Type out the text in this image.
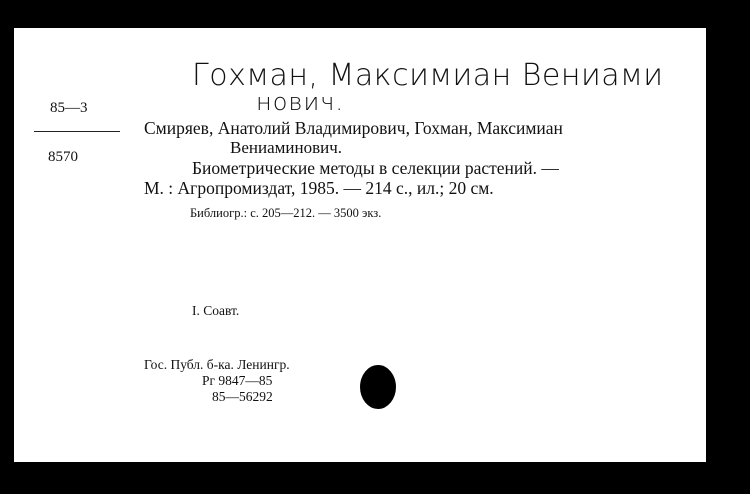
Гохман, Максимиан Вениами
нович.
85—3
8570
Смиряев, Анатолий Владимирович, Гохман, Максимиан
Вениаминович.
Биометрические методы в селекции растений. —
М. : Агропромиздат, 1985. — 214 с., ил.; 20 см.
Библиогр.: с. 205—212. — 3500 экз.
I. Соавт.
Гос. Публ. б-ка. Ленингр.
Рг 9847—85
85—56292
